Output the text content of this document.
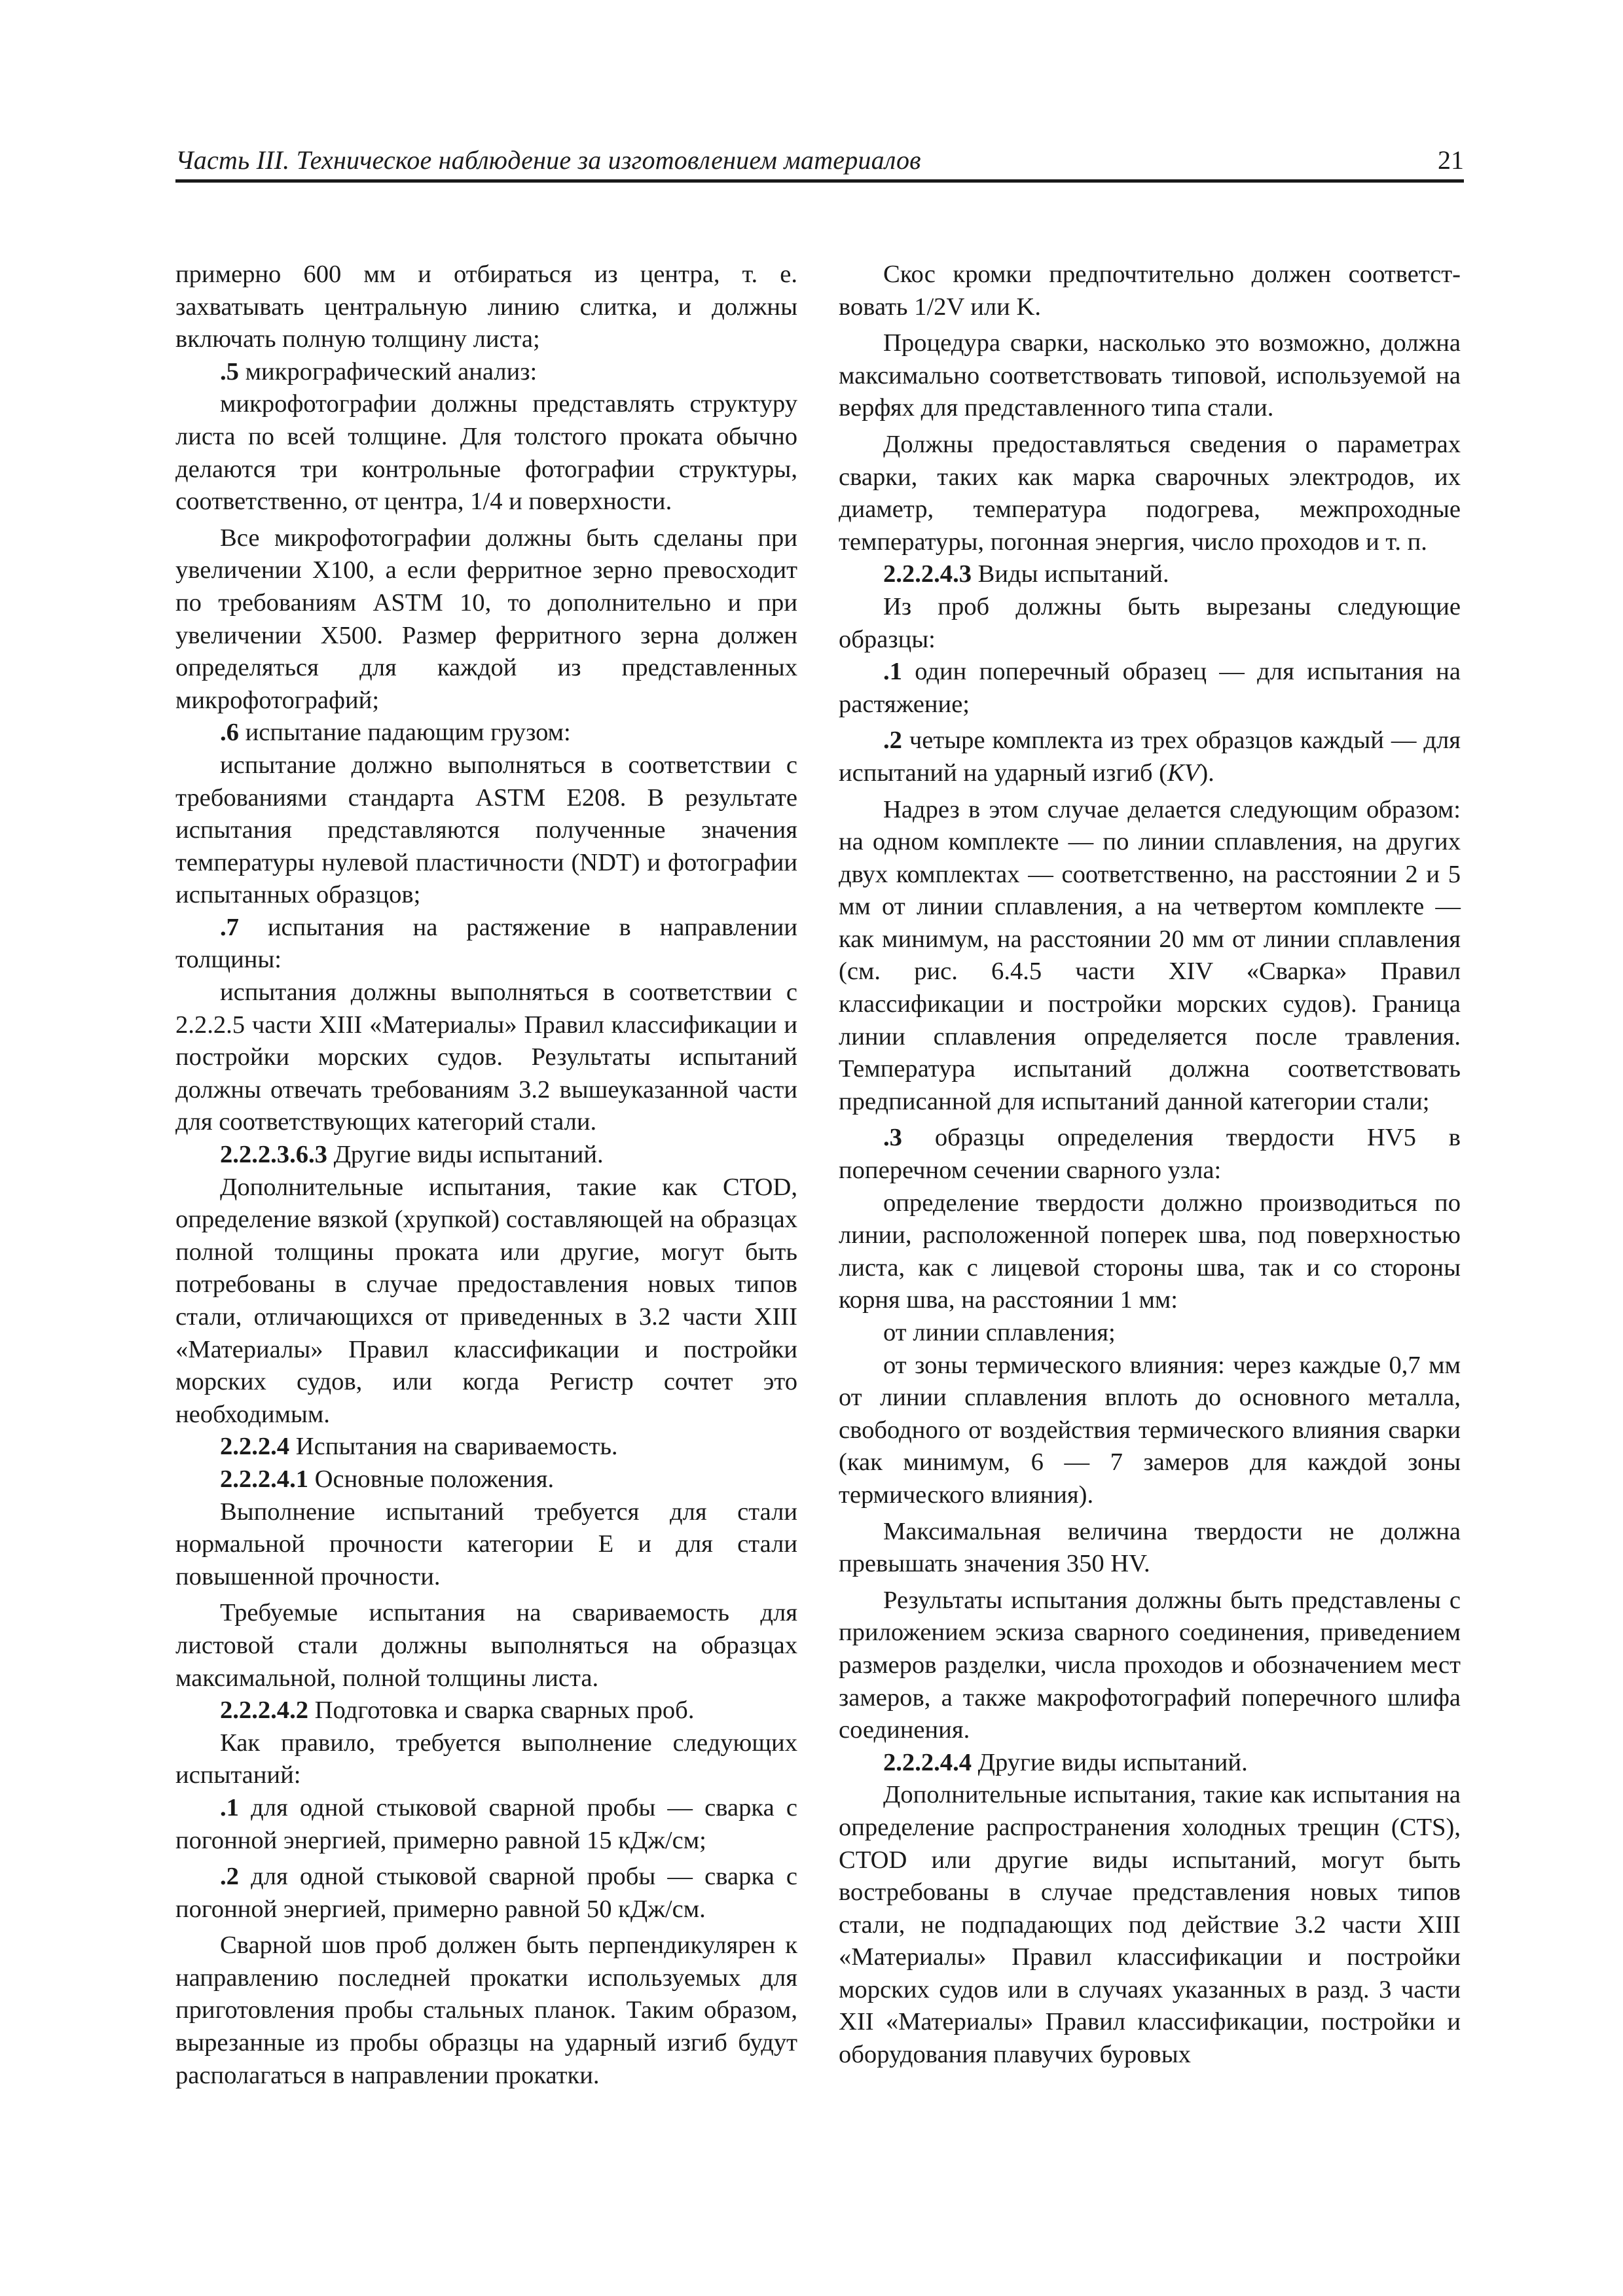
Часть III. Техническое наблюдение за изготовлением материалов	21

примерно 600 мм и отбираться из центра, т. е. захватывать центральную линию слитка, и должны включать полную толщину листа;

.5 микрографический анализ:

микрофотографии должны представлять структуру листа по всей толщине. Для толстого проката обычно делаются три контрольные фотографии структуры, соответственно, от центра, 1/4 и поверхности.

Все микрофотографии должны быть сделаны при увеличении Х100, а если ферритное зерно превосходит по требованиям ASTM 10, то дополнительно и при увеличении Х500. Размер ферритного зерна должен определяться для каждой из представленных микрофотографий;

.6 испытание падающим грузом:

испытание должно выполняться в соответствии с требованиями стандарта ASTM Е208. В результате испытания представляются полученные значения температуры нулевой пластичности (NDT) и фотографии испытанных образцов;

.7 испытания на растяжение в направлении толщины:

испытания должны выполняться в соответствии с 2.2.2.5 части XIII «Материалы» Правил классификации и постройки морских судов. Результаты испытаний должны отвечать требованиям 3.2 вышеуказанной части для соответствующих категорий стали.

2.2.2.3.6.3 Другие виды испытаний.

Дополнительные испытания, такие как CTOD, определение вязкой (хрупкой) составляющей на образцах полной толщины проката или другие, могут быть потребованы в случае предоставления новых типов стали, отличающихся от приведенных в 3.2 части XIII «Материалы» Правил классификации и постройки морских судов, или когда Регистр сочтет это необходимым.

2.2.2.4 Испытания на свариваемость.

2.2.2.4.1 Основные положения.

Выполнение испытаний требуется для стали нормальной прочности категории Е и для стали повышенной прочности.

Требуемые испытания на свариваемость для листовой стали должны выполняться на образцах максимальной, полной толщины листа.

2.2.2.4.2 Подготовка и сварка сварных проб.

Как правило, требуется выполнение следующих испытаний:

.1 для одной стыковой сварной пробы — сварка с погонной энергией, примерно равной 15 кДж/см;

.2 для одной стыковой сварной пробы — сварка с погонной энергией, примерно равной 50 кДж/см.

Сварной шов проб должен быть перпендикулярен к направлению последней прокатки используемых для приготовления пробы стальных планок. Таким образом, вырезанные из пробы образцы на ударный изгиб будут располагаться в направлении прокатки.

Скос кромки предпочтительно должен соответствовать 1/2V или K.

Процедура сварки, насколько это возможно, должна максимально соответствовать типовой, используемой на верфях для представленного типа стали.

Должны предоставляться сведения о параметрах сварки, таких как марка сварочных электродов, их диаметр, температура подогрева, межпроходные температуры, погонная энергия, число проходов и т. п.

2.2.2.4.3 Виды испытаний.

Из проб должны быть вырезаны следующие образцы:

.1 один поперечный образец — для испытания на растяжение;

.2 четыре комплекта из трех образцов каждый — для испытаний на ударный изгиб (KV).

Надрез в этом случае делается следующим образом: на одном комплекте — по линии сплавления, на других двух комплектах — соответственно, на расстоянии 2 и 5 мм от линии сплавления, а на четвертом комплекте — как минимум, на расстоянии 20 мм от линии сплавления (см. рис. 6.4.5 части XIV «Сварка» Правил классификации и постройки морских судов). Граница линии сплавления определяется после травления. Температура испытаний должна соответствовать предписанной для испытаний данной категории стали;

.3 образцы определения твердости HV5 в поперечном сечении сварного узла:

определение твердости должно производиться по линии, расположенной поперек шва, под поверхностью листа, как с лицевой стороны шва, так и со стороны корня шва, на расстоянии 1 мм:

от линии сплавления;

от зоны термического влияния: через каждые 0,7 мм от линии сплавления вплоть до основного металла, свободного от воздействия термического влияния сварки (как минимум, 6 — 7 замеров для каждой зоны термического влияния).

Максимальная величина твердости не должна превышать значения 350 HV.

Результаты испытания должны быть представлены с приложением эскиза сварного соединения, приведением размеров разделки, числа проходов и обозначением мест замеров, а также макрофотографий поперечного шлифа соединения.

2.2.2.4.4 Другие виды испытаний.

Дополнительные испытания, такие как испытания на определение распространения холодных трещин (CTS), CTOD или другие виды испытаний, могут быть востребованы в случае представления новых типов стали, не подпадающих под действие 3.2 части XIII «Материалы» Правил классификации и постройки морских судов или в случаях указанных в разд. 3 части XII «Материалы» Правил классификации, постройки и оборудования плавучих буровых
